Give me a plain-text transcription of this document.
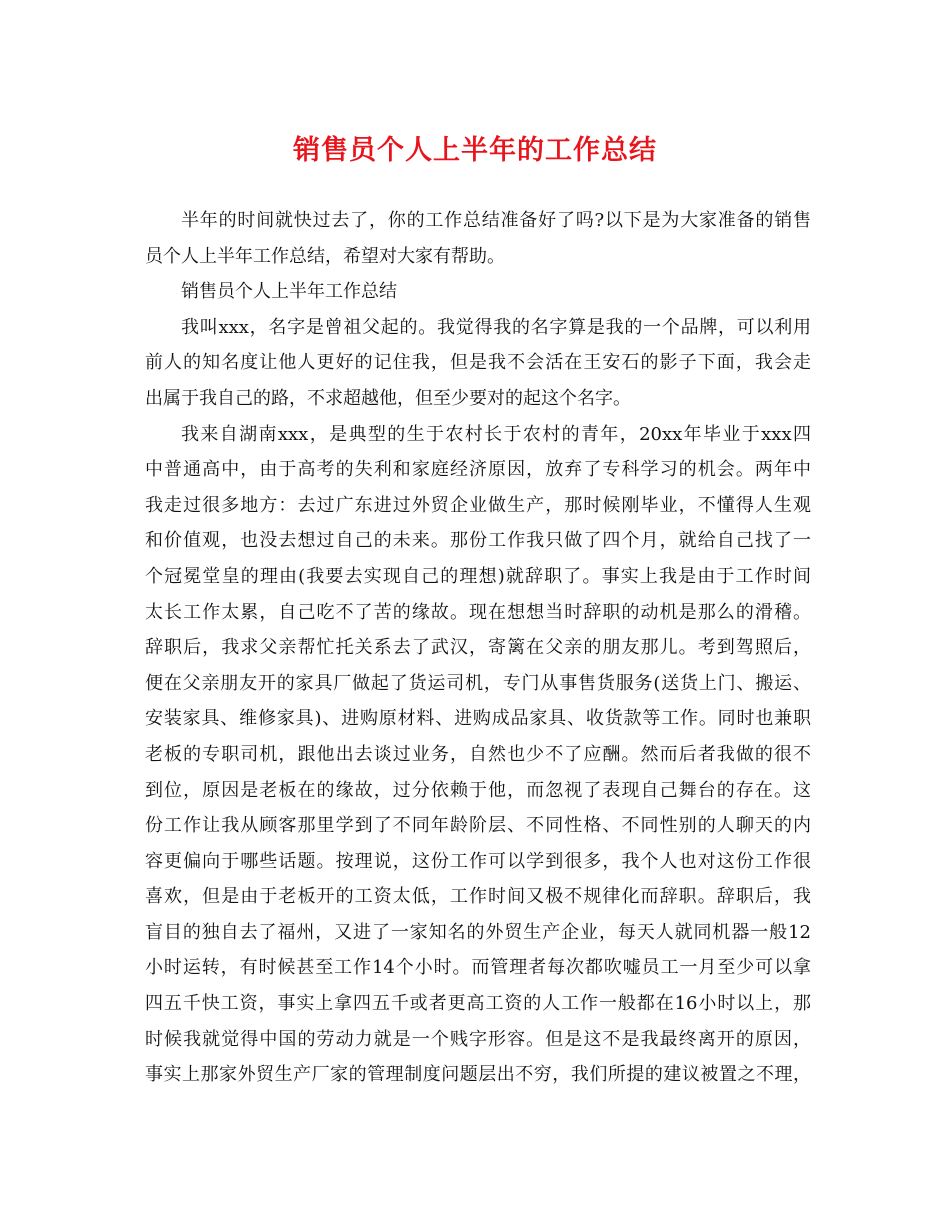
销售员个人上半年的工作总结
半年的时间就快过去了，你的工作总结准备好了吗?以下是为大家准备的销售
员个人上半年工作总结，希望对大家有帮助。
销售员个人上半年工作总结
我叫xxx，名字是曾祖父起的。我觉得我的名字算是我的一个品牌，可以利用
前人的知名度让他人更好的记住我，但是我不会活在王安石的影子下面，我会走
出属于我自己的路，不求超越他，但至少要对的起这个名字。
我来自湖南xxx，是典型的生于农村长于农村的青年，20xx年毕业于xxx四
中普通高中，由于高考的失利和家庭经济原因，放弃了专科学习的机会。两年中
我走过很多地方：去过广东进过外贸企业做生产，那时候刚毕业，不懂得人生观
和价值观，也没去想过自己的未来。那份工作我只做了四个月，就给自己找了一
个冠冕堂皇的理由(我要去实现自己的理想)就辞职了。事实上我是由于工作时间
太长工作太累，自己吃不了苦的缘故。现在想想当时辞职的动机是那么的滑稽。
辞职后，我求父亲帮忙托关系去了武汉，寄篱在父亲的朋友那儿。考到驾照后，
便在父亲朋友开的家具厂做起了货运司机，专门从事售货服务(送货上门、搬运、
安装家具、维修家具)、进购原材料、进购成品家具、收货款等工作。同时也兼职
老板的专职司机，跟他出去谈过业务，自然也少不了应酬。然而后者我做的很不
到位，原因是老板在的缘故，过分依赖于他，而忽视了表现自己舞台的存在。这
份工作让我从顾客那里学到了不同年龄阶层、不同性格、不同性别的人聊天的内
容更偏向于哪些话题。按理说，这份工作可以学到很多，我个人也对这份工作很
喜欢，但是由于老板开的工资太低，工作时间又极不规律化而辞职。辞职后，我
盲目的独自去了福州，又进了一家知名的外贸生产企业，每天人就同机器一般12
小时运转，有时候甚至工作14个小时。而管理者每次都吹嘘员工一月至少可以拿
四五千快工资，事实上拿四五千或者更高工资的人工作一般都在16小时以上，那
时候我就觉得中国的劳动力就是一个贱字形容。但是这不是我最终离开的原因，
事实上那家外贸生产厂家的管理制度问题层出不穷，我们所提的建议被置之不理，
